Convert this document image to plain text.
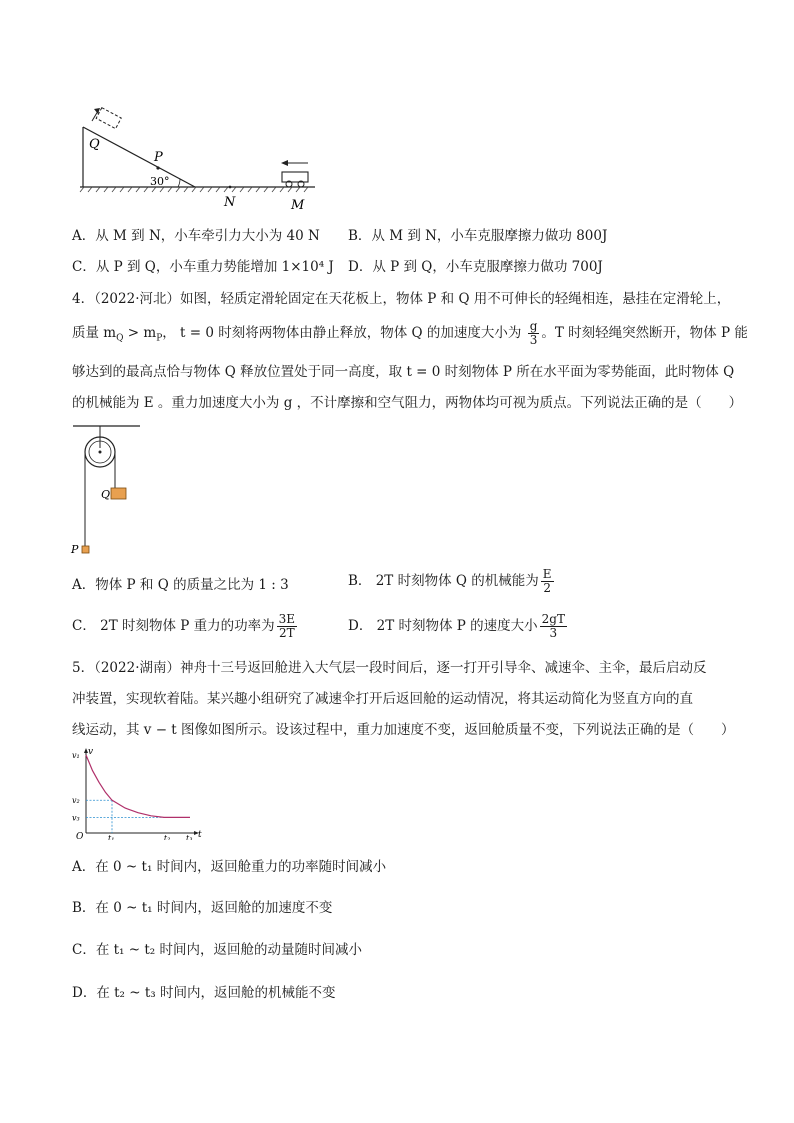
Q
P
30°
N	M
A．从 M 到 N，小车牵引力大小为 40 N B．从 M 到 N，小车克服摩擦力做功 800J
C．从 P 到 Q，小车重力势能增加 1×10⁴ J D．从 P 到 Q，小车克服摩擦力做功 700J
4．（2022·河北）如图，轻质定滑轮固定在天花板上，物体 P 和 Q 用不可伸长的轻绳相连，悬挂在定滑轮上，
质量 $m_Q > m_P$， t = 0 时刻将两物体由静止释放，物体 Q 的加速度大小为 $\frac{g}{3}$ 。T 时刻轻绳突然断开，物体 P 能
够达到的最高点恰与物体 Q 释放位置处于同一高度，取 t = 0 时刻物体 P 所在水平面为零势能面，此时物体 Q
的机械能为 E 。重力加速度大小为 g ，不计摩擦和空气阻力，两物体均可视为质点。下列说法正确的是（　　）
Q
P
A．物体 P 和 Q 的质量之比为 1 : 3	B． 2T 时刻物体 Q 的机械能为 $\frac{E}{2}$
C． 2T 时刻物体 P 重力的功率为 $\frac{3E}{2T}$	D． 2T 时刻物体 P 的速度大小 $\frac{2gT}{3}$
5．（2022·湖南）神舟十三号返回舱进入大气层一段时间后，逐一打开引导伞、减速伞、主伞，最后启动反
冲装置，实现软着陆。某兴趣小组研究了减速伞打开后返回舱的运动情况，将其运动简化为竖直方向的直
线运动，其 v − t 图像如图所示。设该过程中，重力加速度不变，返回舱质量不变，下列说法正确的是（　　）
v
t
O
v₁
v₂
v₃
t₁	t₂ t₃
A．在 0 ~ t₁ 时间内，返回舱重力的功率随时间减小
B．在 0 ~ t₁ 时间内，返回舱的加速度不变
C．在 t₁ ~ t₂ 时间内，返回舱的动量随时间减小
D．在 t₂ ~ t₃ 时间内，返回舱的机械能不变
